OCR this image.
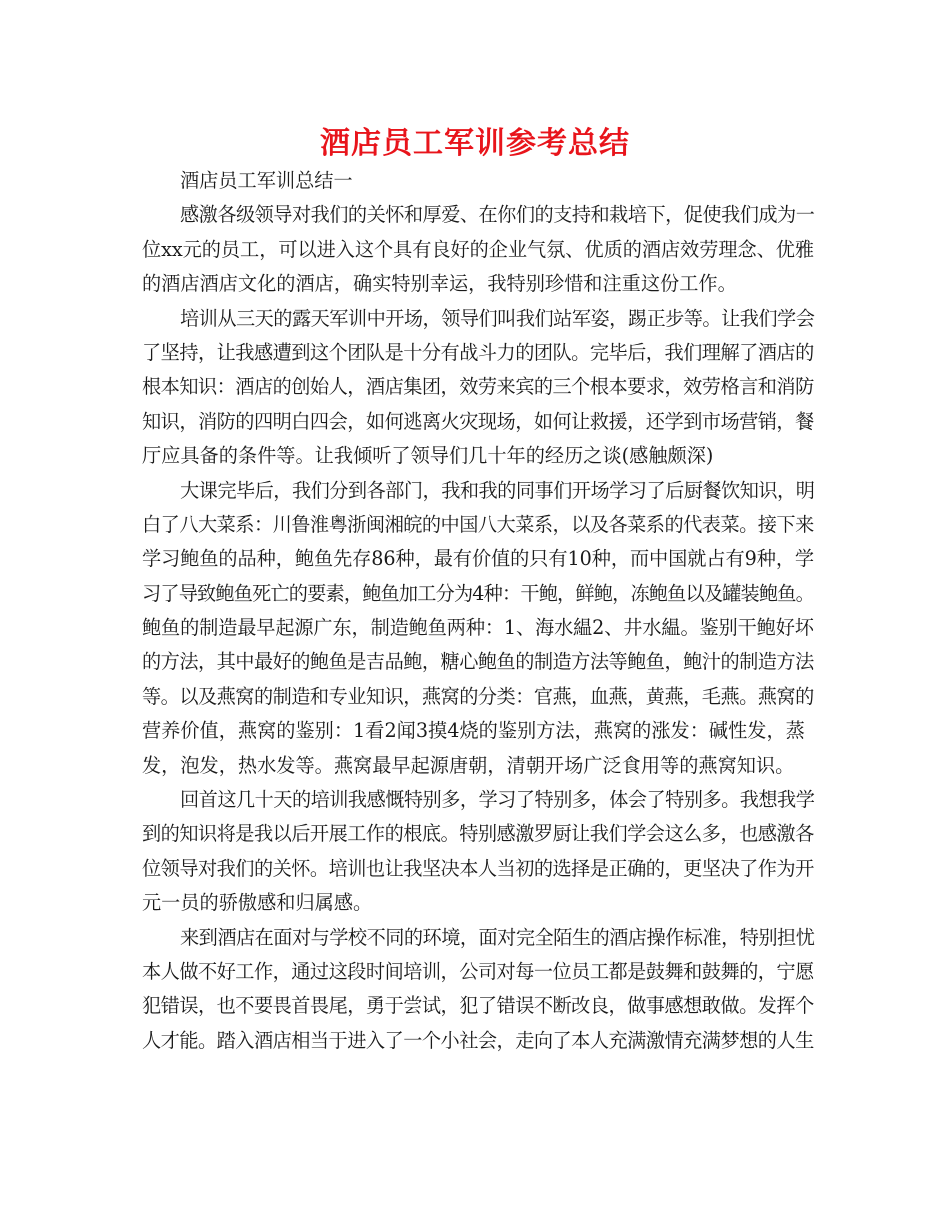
酒店员工军训参考总结
酒店员工军训总结一
感激各级领导对我们的关怀和厚爱、在你们的支持和栽培下，促使我们成为一
位xx元的员工，可以进入这个具有良好的企业气氛、优质的酒店效劳理念、优雅
的酒店酒店文化的酒店，确实特别幸运，我特别珍惜和注重这份工作。
培训从三天的露天军训中开场，领导们叫我们站军姿，踢正步等。让我们学会
了坚持，让我感遭到这个团队是十分有战斗力的团队。完毕后，我们理解了酒店的
根本知识：酒店的创始人，酒店集团，效劳来宾的三个根本要求，效劳格言和消防
知识，消防的四明白四会，如何逃离火灾现场，如何让救援，还学到市场营销，餐
厅应具备的条件等。让我倾听了领导们几十年的经历之谈(感触颇深)
大课完毕后，我们分到各部门，我和我的同事们开场学习了后厨餐饮知识，明
白了八大菜系：川鲁淮粤浙闽湘皖的中国八大菜系，以及各菜系的代表菜。接下来
学习鲍鱼的品种，鲍鱼先存86种，最有价值的只有10种，而中国就占有9种，学
习了导致鲍鱼死亡的要素，鲍鱼加工分为4种：干鲍，鲜鲍，冻鲍鱼以及罐装鲍鱼。
鲍鱼的制造最早起源广东，制造鲍鱼两种：1、海水緼2、井水緼。鉴别干鲍好坏
的方法，其中最好的鲍鱼是吉品鲍，糖心鲍鱼的制造方法等鲍鱼，鲍汁的制造方法
等。以及燕窝的制造和专业知识，燕窝的分类：官燕，血燕，黄燕，毛燕。燕窝的
营养价值，燕窝的鉴别：1看2闻3摸4烧的鉴别方法，燕窝的涨发：碱性发，蒸
发，泡发，热水发等。燕窝最早起源唐朝，清朝开场广泛食用等的燕窝知识。
回首这几十天的培训我感慨特别多，学习了特别多，体会了特别多。我想我学
到的知识将是我以后开展工作的根底。特别感激罗厨让我们学会这么多，也感激各
位领导对我们的关怀。培训也让我坚决本人当初的选择是正确的，更坚决了作为开
元一员的骄傲感和归属感。
来到酒店在面对与学校不同的环境，面对完全陌生的酒店操作标准，特别担忧
本人做不好工作，通过这段时间培训，公司对每一位员工都是鼓舞和鼓舞的，宁愿
犯错误，也不要畏首畏尾，勇于尝试，犯了错误不断改良，做事感想敢做。发挥个
人才能。踏入酒店相当于进入了一个小社会，走向了本人充满激情充满梦想的人生
